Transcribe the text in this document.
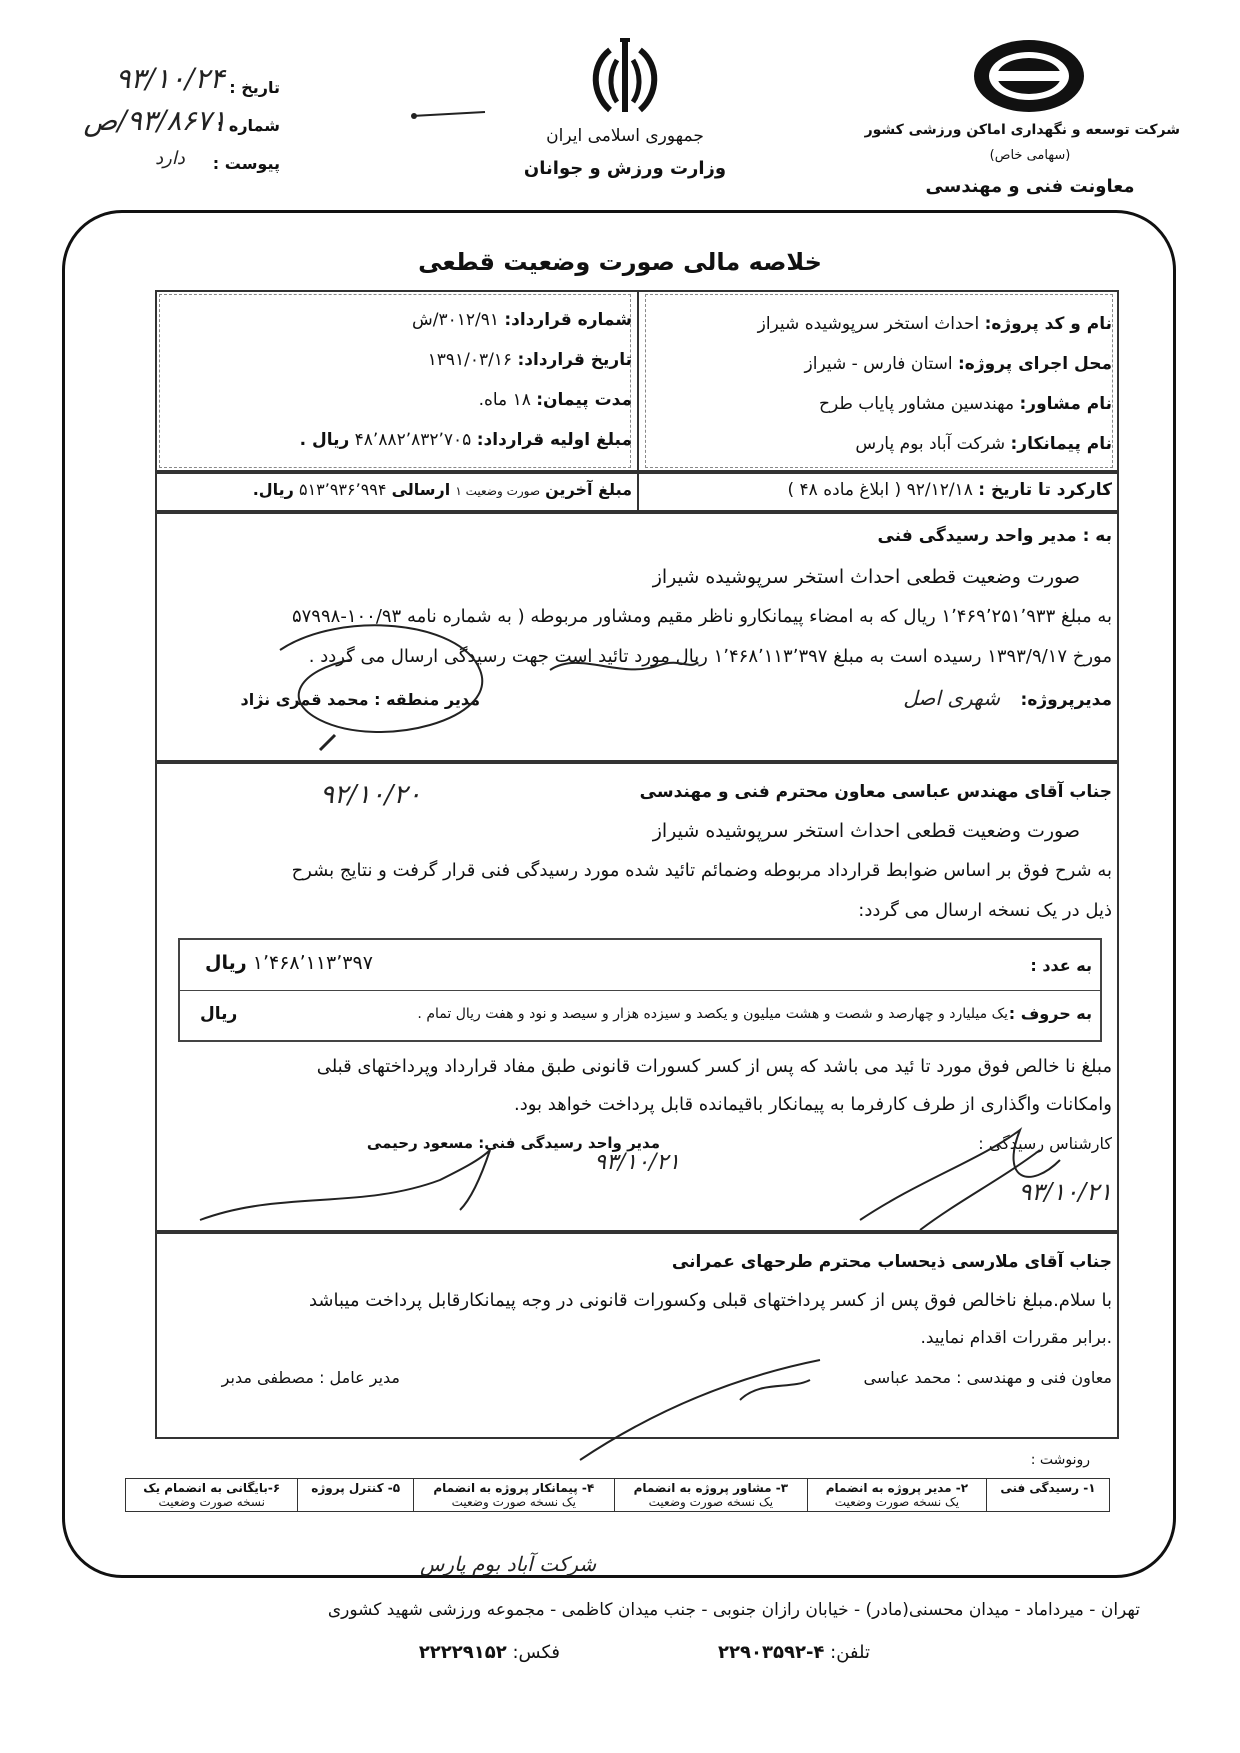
شرکت توسعه و نگهداری اماکن ورزشی کشور
(سهامی خاص)
معاونت فنی و مهندسی
جمهوری اسلامی ایران
وزارت ورزش و جوانان
تاریخ :
۹۳/۱۰/۲۴
شماره :
۹۳/۸۶۷۱/ص
پیوست :
دارد
خلاصه مالی صورت وضعیت قطعی
نام و کد پروژه: احداث استخر سرپوشیده شیراز
محل اجرای پروژه: استان فارس - شیراز
نام مشاور: مهندسین مشاور پایاب طرح
نام پیمانکار: شرکت آباد بوم پارس
شماره قرارداد: ۳۰۱۲/۹۱/ش
تاریخ قرارداد: ۱۳۹۱/۰۳/۱۶
مدت پیمان: ۱۸ ماه.
مبلغ اولیه قرارداد: ۴۸٬۸۸۲٬۸۳۲٬۷۰۵ ریال .
کارکرد تا تاریخ : ۹۲/۱۲/۱۸ ( ابلاغ ماده ۴۸ )
مبلغ آخرین صورت وضعیت ۱ ارسالی ۵۱۳٬۹۳۶٬۹۹۴ ریال.
به : مدیر واحد رسیدگی فنی
صورت وضعیت قطعی احداث استخر سرپوشیده شیراز
به مبلغ ۱٬۴۶۹٬۲۵۱٬۹۳۳ ریال که به امضاء پیمانکارو ناظر مقیم ومشاور مربوطه ( به شماره نامه ۱۰۰/۹۳-۵۷۹۹۸
مورخ ۱۳۹۳/۹/۱۷ رسیده است به مبلغ ۱٬۴۶۸٬۱۱۳٬۳۹۷ ریال مورد تائید است جهت رسیدگی ارسال می گردد .
مدیرپروژه:
شهری اصل
مدیر منطقه : محمد قمری نژاد
جناب آقای مهندس عباسی معاون محترم فنی و مهندسی
۹۲/۱۰/۲۰
صورت وضعیت قطعی احداث استخر سرپوشیده شیراز
به شرح فوق بر اساس ضوابط قرارداد مربوطه وضمائم تائید شده مورد رسیدگی فنی قرار گرفت و نتایج بشرح
ذیل در یک نسخه ارسال می گردد:
به عدد :
۱٬۴۶۸٬۱۱۳٬۳۹۷ ریال
به حروف :
یک میلیارد و چهارصد و شصت و هشت میلیون و یکصد و سیزده هزار و سیصد و نود و هفت ریال تمام .
ریال
مبلغ نا خالص فوق مورد تا ئید می باشد که پس از کسر کسورات قانونی طبق مفاد قرارداد وپرداختهای قبلی
وامکانات واگذاری از طرف کارفرما به پیمانکار باقیمانده قابل پرداخت خواهد بود.
کارشناس رسیدگی :
۹۳/۱۰/۲۱
مدیر واحد رسیدگی فنی: مسعود رحیمی
۹۳/۱۰/۲۱
جناب آقای ملارسی ذیحساب محترم طرحهای عمرانی
با سلام.مبلغ ناخالص فوق پس از کسر پرداختهای قبلی وکسورات قانونی در وجه پیمانکارقابل پرداخت میباشد
.برابر مقررات اقدام نمایید.
معاون فنی و مهندسی : محمد عباسی
مدیر عامل : مصطفی مدبر
رونوشت :
۱- رسیدگی فنی

۲- مدیر پروژه به انضمام
یک نسخه صورت وضعیت

۳- مشاور پروژه به انضمام
یک نسخه صورت وضعیت

۴- پیمانکار پروژه به انضمام
یک نسخه صورت وضعیت

۵- کنترل پروژه

۶-بایگانی به انضمام یک
نسخه صورت وضعیت
شرکت آباد بوم پارس
تهران - میرداماد - میدان محسنی(مادر) - خیابان رازان جنوبی - جنب میدان کاظمی - مجموعه ورزشی شهید کشوری
تلفن: ۴-۲۲۹۰۳۵۹۲
فکس: ۲۲۲۲۹۱۵۲
